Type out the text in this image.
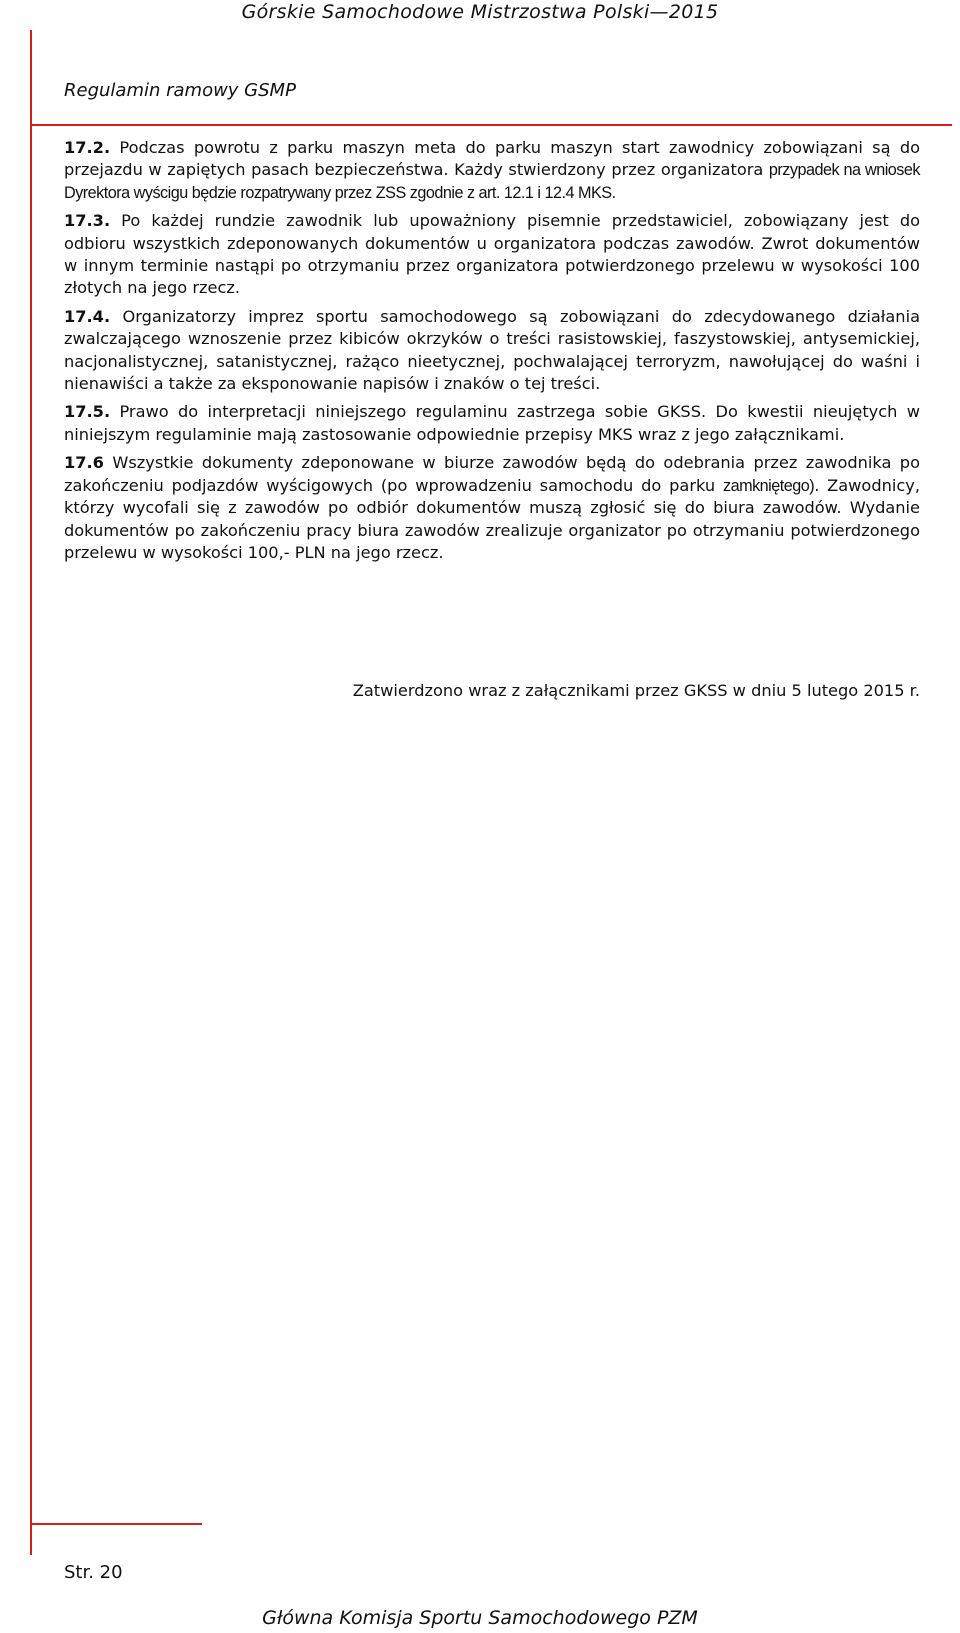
Górskie Samochodowe Mistrzostwa Polski—2015
Regulamin ramowy GSMP

17.2. Podczas powrotu z parku maszyn meta do parku maszyn start zawodnicy zobowiązani są do przejazdu w zapiętych pasach bezpieczeństwa. Każdy stwierdzony przez organizatora przypadek na wniosek Dyrektora wyścigu będzie rozpatrywany przez ZSS zgodnie z art. 12.1 i 12.4 MKS.

17.3. Po każdej rundzie zawodnik lub upoważniony pisemnie przedstawiciel, zobowiązany jest do odbioru wszystkich zdeponowanych dokumentów u organizatora podczas zawodów. Zwrot dokumentów w innym terminie nastąpi po otrzymaniu przez organizatora potwierdzonego przelewu w wysokości 100 złotych na jego rzecz.

17.4. Organizatorzy imprez sportu samochodowego są zobowiązani do zdecydowanego działania zwalczającego wznoszenie przez kibiców okrzyków o treści rasistowskiej, faszystowskiej, antysemickiej, nacjonalistycznej, satanistycznej, rażąco nieetycznej, pochwalającej terroryzm, nawołującej do waśni i nienawiści a także za eksponowanie napisów i znaków o tej treści.

17.5. Prawo do interpretacji niniejszego regulaminu zastrzega sobie GKSS. Do kwestii nieujętych w niniejszym regulaminie mają zastosowanie odpowiednie przepisy MKS wraz z jego załącznikami.

17.6 Wszystkie dokumenty zdeponowane w biurze zawodów będą do odebrania przez zawodnika po zakończeniu podjazdów wyścigowych (po wprowadzeniu samochodu do parku zamkniętego). Zawodnicy, którzy wycofali się z zawodów po odbiór dokumentów muszą zgłosić się do biura zawodów. Wydanie dokumentów po zakończeniu pracy biura zawodów zrealizuje organizator po otrzymaniu potwierdzonego przelewu w wysokości 100,- PLN na jego rzecz.

Zatwierdzono wraz z załącznikami przez GKSS w dniu 5 lutego 2015 r.
Str. 20
Główna Komisja Sportu Samochodowego PZM
